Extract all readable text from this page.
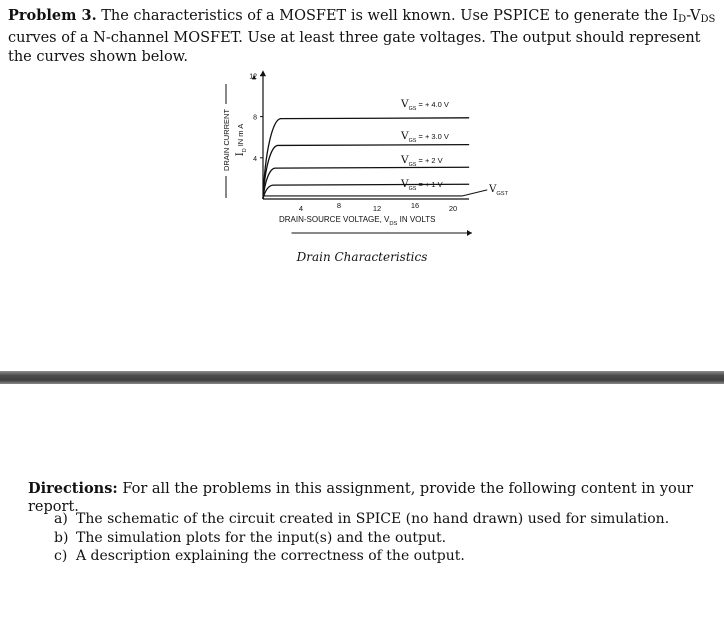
Problem 3. The characteristics of a MOSFET is well known. Use PSPICE to generate the $I_D-V_{DS}$ curves of a N-channel MOSFET. Use at least three gate voltages. The output should represent the curves shown below.
4
8
12
4	8	12	16	20
$V_{GST}$
$V_{GS}$ = + 4.0 V
$V_{GS}$ = + 3.0 V
$V_{GS}$ = + 2 V
$V_{GS}$ = + 1 V
DRAIN-SOURCE VOLTAGE, $V_{DS}$ IN VOLTS
DRAIN CURRENT $I_D$ IN m A
Drain Characteristics
Directions: For all the problems in this assignment, provide the following content in your report.
a) The schematic of the circuit created in SPICE (no hand drawn) used for simulation.
b) The simulation plots for the input(s) and the output.
c) A description explaining the correctness of the output.
